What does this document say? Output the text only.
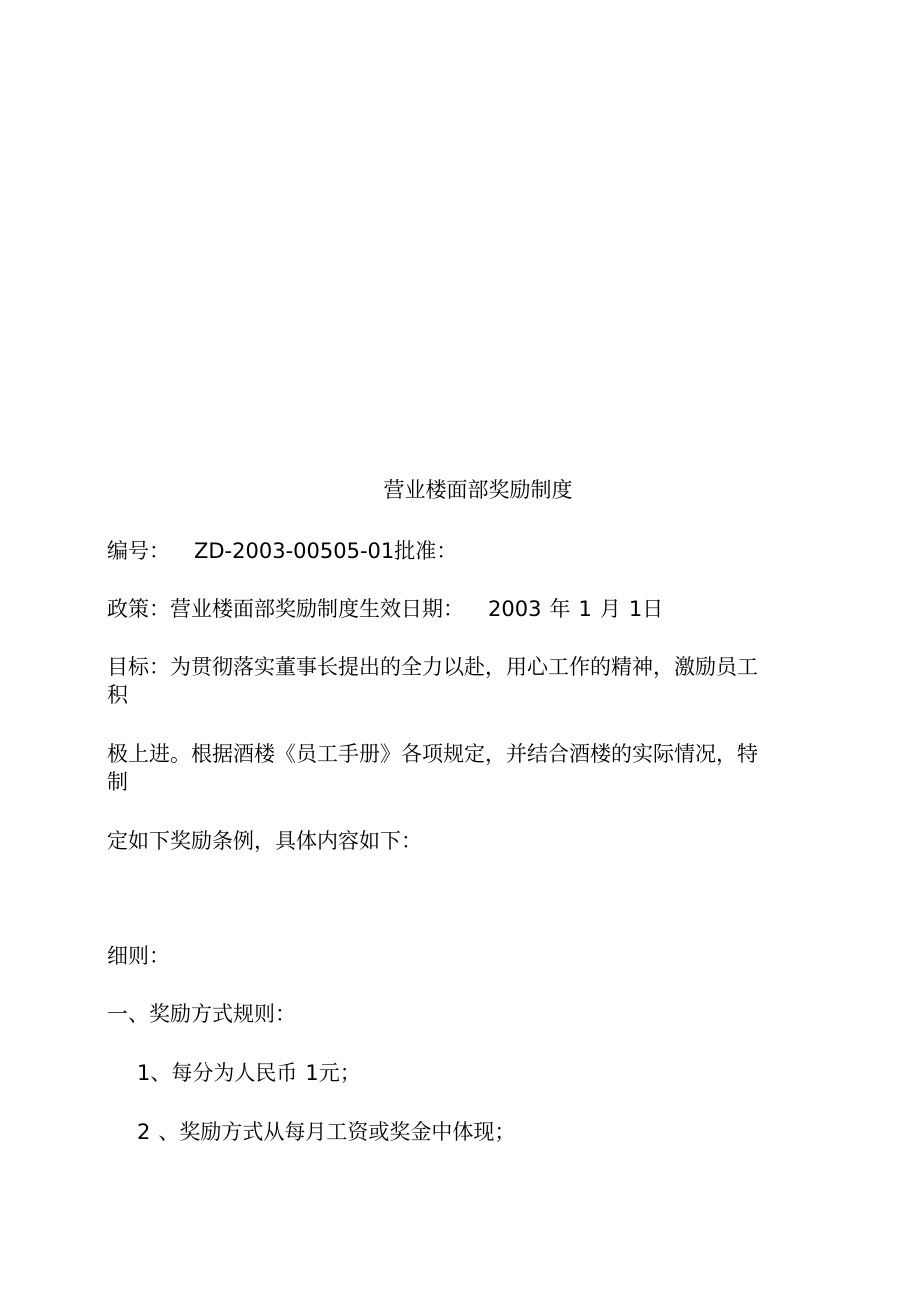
营业楼面部奖励制度
编号： ZD-2003-00505-01批准：
政策：营业楼面部奖励制度生效日期： 2003 年 1 月 1日
目标：为贯彻落实董事长提出的全力以赴，用心工作的精神，激励员工
积
极上进。根据酒楼《员工手册》各项规定，并结合酒楼的实际情况，特
制
定如下奖励条例，具体内容如下：
细则：
一、奖励方式规则：
1、每分为人民币 1元；
2 、奖励方式从每月工资或奖金中体现；
